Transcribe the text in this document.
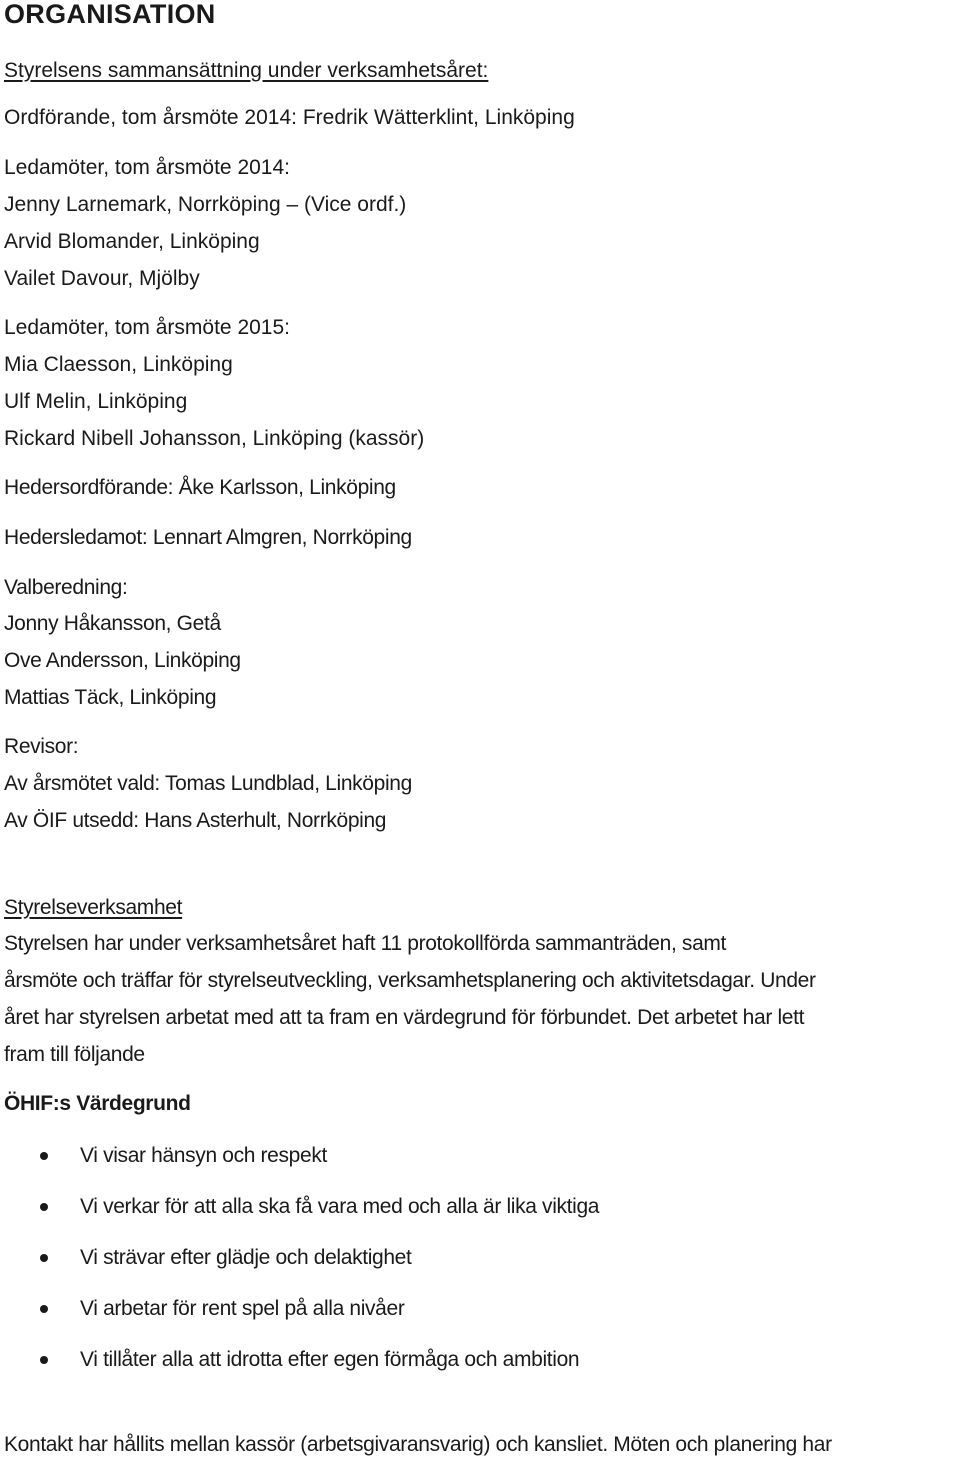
ORGANISATION
Styrelsens sammansättning under verksamhetsåret:
Ordförande, tom årsmöte 2014: Fredrik Wätterklint, Linköping
Ledamöter, tom årsmöte 2014:
Jenny Larnemark, Norrköping – (Vice ordf.)
Arvid Blomander, Linköping
Vailet Davour, Mjölby
Ledamöter, tom årsmöte 2015:
Mia Claesson, Linköping
Ulf Melin, Linköping
Rickard Nibell Johansson, Linköping (kassör)
Hedersordförande: Åke Karlsson, Linköping
Hedersledamot: Lennart Almgren, Norrköping
Valberedning:
Jonny Håkansson, Getå
Ove Andersson, Linköping
Mattias Täck, Linköping
Revisor:
Av årsmötet vald: Tomas Lundblad, Linköping
Av ÖIF utsedd: Hans Asterhult, Norrköping
Styrelseverksamhet
Styrelsen har under verksamhetsåret haft 11 protokollförda sammanträden, samt
årsmöte och träffar för styrelseutveckling, verksamhetsplanering och aktivitetsdagar. Under
året har styrelsen arbetat med att ta fram en värdegrund för förbundet. Det arbetet har lett
fram till följande
ÖHIF:s Värdegrund
Vi visar hänsyn och respekt
Vi verkar för att alla ska få vara med och alla är lika viktiga
Vi strävar efter glädje och delaktighet
Vi arbetar för rent spel på alla nivåer
Vi tillåter alla att idrotta efter egen förmåga och ambition
Kontakt har hållits mellan kassör (arbetsgivaransvarig) och kansliet. Möten och planering har
